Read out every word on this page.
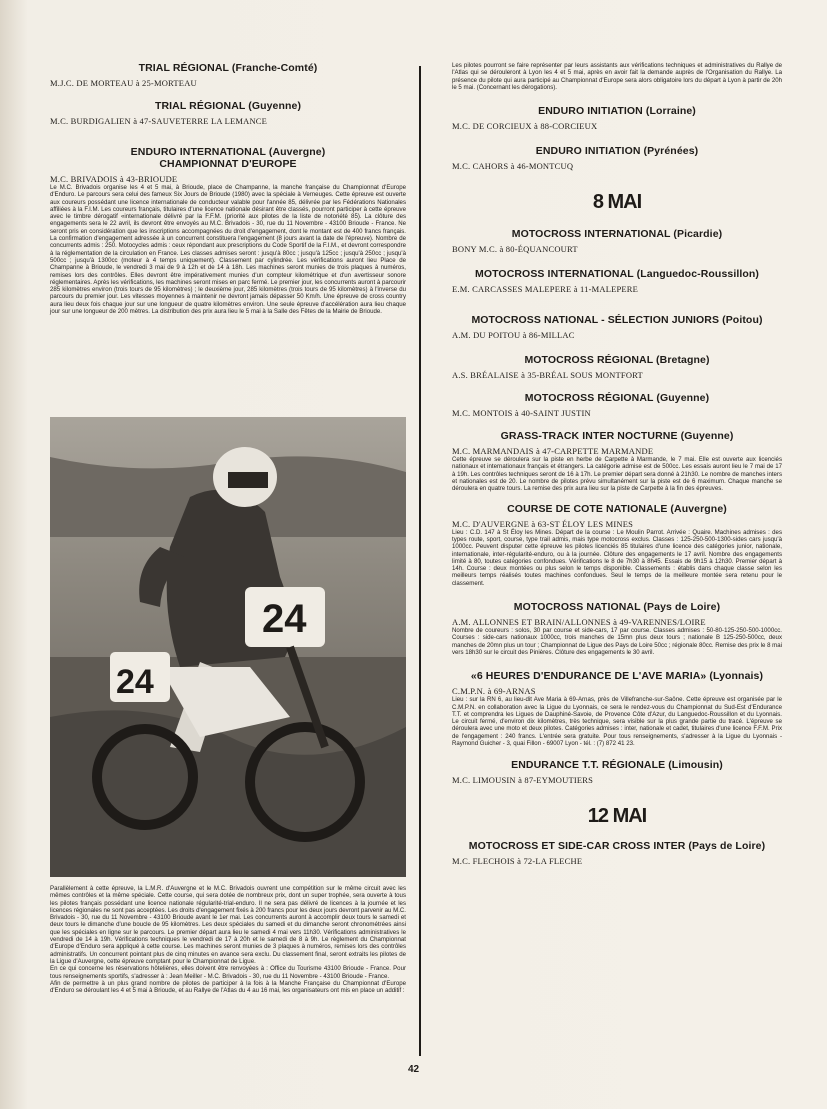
TRIAL RÉGIONAL (Franche-Comté)
M.J.C. DE MORTEAU à 25-MORTEAU
TRIAL RÉGIONAL (Guyenne)
M.C. BURDIGALIEN à 47-SAUVETERRE LA LEMANCE
ENDURO INTERNATIONAL (Auvergne)
CHAMPIONNAT D'EUROPE
M.C. BRIVADOIS à 43-BRIOUDE

Le M.C. Brivadois organise les 4 et 5 mai, à Brioude, place de Champanne, la manche française du Championnat d'Europe d'Enduro. Le parcours sera celui des fameux Six Jours de Brioude (1980) avec la spéciale à Verneuges. Cette épreuve est ouverte aux coureurs possédant une licence internationale de conducteur valable pour l'année 85, délivrée par les Fédérations Nationales affiliées à la F.I.M. Les coureurs français, titulaires d'une licence nationale désirant être classés, pourront participer à cette épreuve avec le timbre dérogatif «internationale délivré par la F.F.M. (priorité aux pilotes de la liste de notoriété 85). La clôture des engagements sera le 22 avril, ils devront être envoyés au M.C. Brivadois - 30, rue du 11 Novembre - 43100 Brioude - France. Ne seront pris en considération que les inscriptions accompagnées du droit d'engagement, dont le montant est de 400 francs français. La confirmation d'engagement adressée à un concurrent constituera l'engagement (8 jours avant la date de l'épreuve). Nombre de concurrents admis : 250. Motocycles admis : ceux répondant aux prescriptions du Code Sportif de la F.I.M., et devront correspondre à la réglementation de la circulation en France. Les classes admises seront : jusqu'à 80cc ; jusqu'à 125cc ; jusqu'à 250cc ; jusqu'à 500cc ; jusqu'à 1300cc (moteur à 4 temps uniquement). Classement par cylindrée. Les vérifications auront lieu Place de Champanne à Brioude, le vendredi 3 mai de 9 à 12h et de 14 à 18h. Les machines seront munies de trois plaques à numéros, remises lors des contrôles. Elles devront être impérativement munies d'un compteur kilométrique et d'un avertisseur sonore réglementaires. Après les vérifications, les machines seront mises en parc fermé. Le premier jour, les concurrents auront à parcourir 285 kilomètres environ (trois tours de 95 kilomètres) ; le deuxième jour, 285 kilomètres (trois tours de 95 kilomètres) à l'inverse du parcours du premier jour. Les vitesses moyennes à maintenir ne devront jamais dépasser 50 Km/h. Une épreuve de cross country aura lieu deux fois chaque jour sur une longueur de quatre kilomètres environ. Une seule épreuve d'accélération aura lieu chaque jour sur une longueur de 200 mètres. La distribution des prix aura lieu le 5 mai à la Salle des Fêtes de la Mairie de Brioude.

24
24

Parallèlement à cette épreuve, la L.M.R. d'Auvergne et le M.C. Brivadois ouvrent une compétition sur le même circuit avec les mêmes contrôles et la même spéciale. Cette course, qui sera dotée de nombreux prix, dont un super trophée, sera ouverte à tous les pilotes français possédant une licence nationale régularité-trial-enduro. Il ne sera pas délivré de licences à la journée et les licences régionales ne sont pas acceptées. Les droits d'engagement fixés à 200 francs pour les deux jours devront parvenir au M.C. Brivadois - 30, rue du 11 Novembre - 43100 Brioude avant le 1er mai. Les concurrents auront à accomplir deux tours le samedi et deux tours le dimanche d'une boucle de 95 kilomètres. Les deux spéciales du samedi et du dimanche seront chronométrées ainsi que les spéciales en ligne sur le parcours. Le premier départ aura lieu le samedi 4 mai vers 11h30. Vérifications administratives le vendredi de 14 à 19h. Vérifications techniques le vendredi de 17 à 20h et le samedi de 8 à 9h. Le règlement du Championnat d'Europe d'Enduro sera appliqué à cette course. Les machines seront munies de 3 plaques à numéros, remises lors des contrôles administratifs. Un concurrent pointant plus de cinq minutes en avance sera exclu. Du classement final, seront extraits les pilotes de la Ligue d'Auvergne, cette épreuve comptant pour le Championnat de Ligue.

En ce qui concerne les réservations hôtelières, elles doivent être renvoyées à : Office du Tourisme 43100 Brioude - France. Pour tous renseignements sportifs, s'adresser à : Jean Meiller - M.C. Brivadois - 30, rue du 11 Novembre - 43100 Brioude - France.

Afin de permettre à un plus grand nombre de pilotes de participer à la fois à la Manche Française du Championnat d'Europe d'Enduro se déroulant les 4 et 5 mai à Brioude, et au Rallye de l'Atlas du 4 au 16 mai, les organisateurs ont mis en place un additif :

Les pilotes pourront se faire représenter par leurs assistants aux vérifications techniques et administratives du Rallye de l'Atlas qui se dérouleront à Lyon les 4 et 5 mai, après en avoir fait la demande auprès de l'Organisation du Rallye. La présence du pilote qui aura participé au Championnat d'Europe sera alors obligatoire lors du départ à Lyon à partir de 20h le 5 mai. (Concernant les dérogations).

ENDURO INITIATION (Lorraine)
M.C. DE CORCIEUX à 88-CORCIEUX
ENDURO INITIATION (Pyrénées)
M.C. CAHORS à 46-MONTCUQ
8 MAI
MOTOCROSS INTERNATIONAL (Picardie)
BONY M.C. à 80-ÉQUANCOURT
MOTOCROSS INTERNATIONAL (Languedoc-Roussillon)
E.M. CARCASSES MALEPERE à 11-MALEPERE
MOTOCROSS NATIONAL - SÉLECTION JUNIORS (Poitou)
A.M. DU POITOU à 86-MILLAC
MOTOCROSS RÉGIONAL (Bretagne)
A.S. BRÉALAISE à 35-BRÉAL SOUS MONTFORT
MOTOCROSS RÉGIONAL (Guyenne)
M.C. MONTOIS à 40-SAINT JUSTIN
GRASS-TRACK INTER NOCTURNE (Guyenne)
M.C. MARMANDAIS à 47-CARPETTE MARMANDE

Cette épreuve se déroulera sur la piste en herbe de Carpette à Marmande, le 7 mai. Elle est ouverte aux licenciés nationaux et internationaux français et étrangers. La catégorie admise est de 500cc. Les essais auront lieu le 7 mai de 17 à 19h. Les contrôles techniques seront de 16 à 17h. Le premier départ sera donné à 21h30. Le nombre de manches inters et nationales est de 20. Le nombre de pilotes prévu simultanément sur la piste est de 6 maximum. Chaque manche se déroulera en quatre tours. La remise des prix aura lieu sur la piste de Carpette à la fin des épreuves.

COURSE DE COTE NATIONALE (Auvergne)
M.C. D'AUVERGNE à 63-ST ÉLOY LES MINES

Lieu : C.D. 147 à St Éloy les Mines. Départ de la course : Le Moulin Parrot. Arrivée : Quaire. Machines admises : des types route, sport, course, type trail admis, mais type motocross exclus. Classes : 125-250-500-1300-sides cars jusqu'à 1000cc. Peuvent disputer cette épreuve les pilotes licenciés 85 titulaires d'une licence des catégories junior, nationale, internationale, inter-régularité-enduro, ou à la journée. Clôture des engagements le 17 avril. Nombre des engagements limité à 80, toutes catégories confondues. Vérifications le 8 de 7h30 à 8h45. Essais de 9h15 à 12h30. Premier départ à 14h. Course : deux montées ou plus selon le temps disponible. Classements : établis dans chaque classe selon les meilleurs temps réalisés toutes machines confondues. Seul le temps de la meilleure montée sera retenu pour le classement.

MOTOCROSS NATIONAL (Pays de Loire)
A.M. ALLONNES ET BRAIN/ALLONNES à 49-VARENNES/LOIRE

Nombre de coureurs : solos, 30 par course et side-cars, 17 par course. Classes admises : 50-80-125-250-500-1000cc. Courses : side-cars nationaux 1000cc, trois manches de 15mn plus deux tours ; nationale B 125-250-500cc, deux manches de 20mn plus un tour ; Championnat de Ligue des Pays de Loire 50cc ; régionale 80cc. Remise des prix le 8 mai vers 18h30 sur le circuit des Pinières. Clôture des engagements le 30 avril.

«6 HEURES D'ENDURANCE DE L'AVE MARIA» (Lyonnais)
C.M.P.N. à 69-ARNAS

Lieu : sur la RN 6, au lieu-dit Ave Maria à 69-Arnas, près de Villefranche-sur-Saône. Cette épreuve est organisée par le C.M.P.N. en collaboration avec la Ligue du Lyonnais, ce sera le rendez-vous du Championnat du Sud-Est d'Endurance T.T. et comprendra les Ligues de Dauphiné-Savoie, de Provence Côte d'Azur, du Languedoc-Roussillon et du Lyonnais. Le circuit fermé, d'environ dix kilomètres, très technique, sera visible sur la plus grande partie du tracé. L'épreuve se déroulera avec une moto et deux pilotes. Catégories admises : inter, nationale et cadet, titulaires d'une licence F.F.M. Prix de l'engagement : 240 francs. L'entrée sera gratuite. Pour tous renseignements, s'adresser à la Ligue du Lyonnais - Raymond Guicher - 3, quai Fillon - 69007 Lyon - tél. : (7) 872 41 23.

ENDURANCE T.T. RÉGIONALE (Limousin)
M.C. LIMOUSIN à 87-EYMOUTIERS
12 MAI
MOTOCROSS ET SIDE-CAR CROSS INTER (Pays de Loire)
M.C. FLECHOIS à 72-LA FLECHE
42
